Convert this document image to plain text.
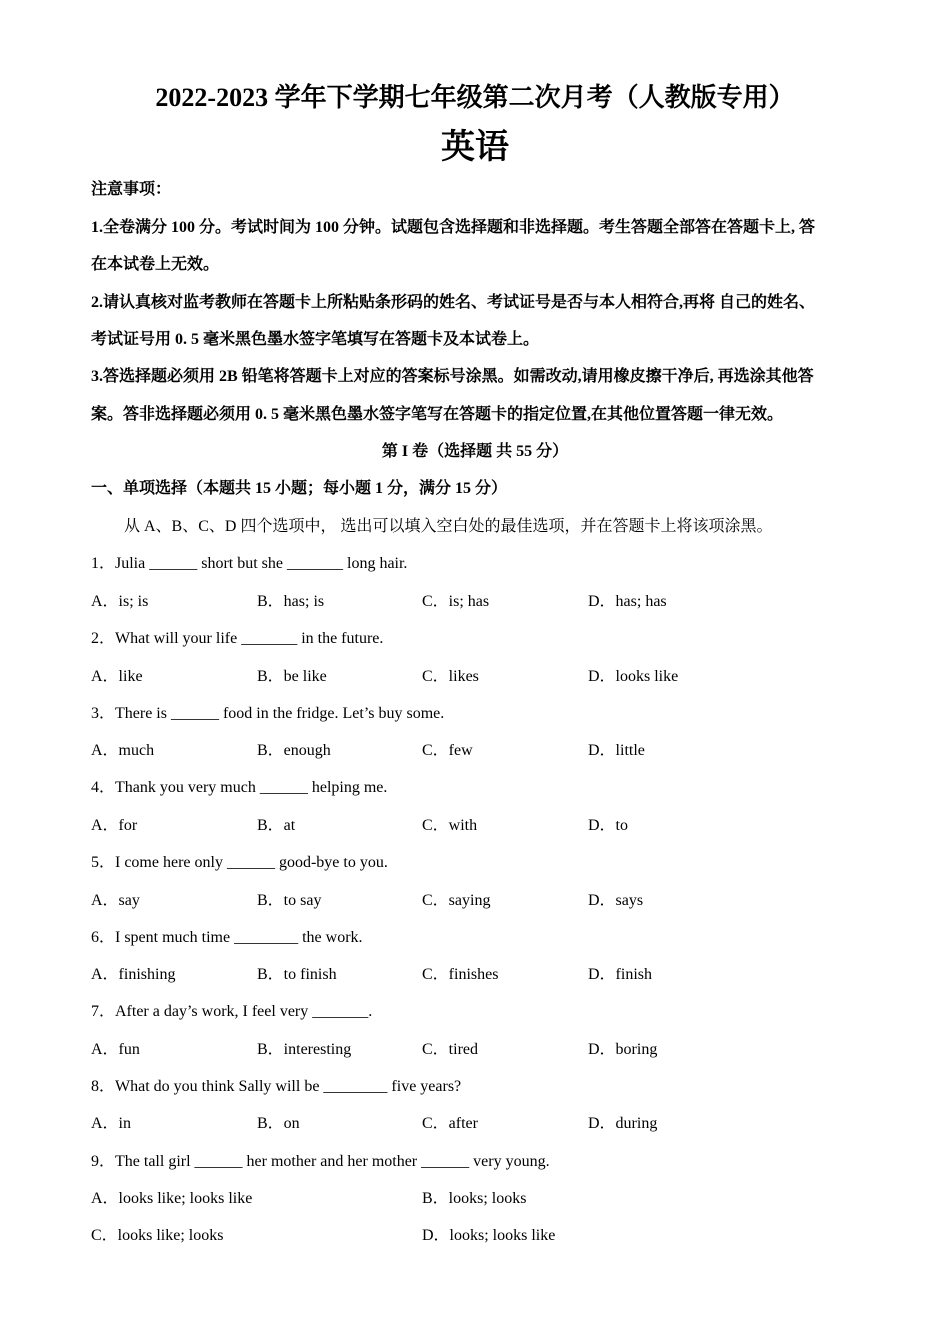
2022-2023 学年下学期七年级第二次月考（人教版专用）
英语
注意事项：
1.全卷满分 100 分。考试时间为 100 分钟。试题包含选择题和非选择题。考生答题全部答在答题卡上, 答
在本试卷上无效。
2.请认真核对监考教师在答题卡上所粘贴条形码的姓名、考试证号是否与本人相符合,再将 自己的姓名、
考试证号用 0. 5 毫米黑色墨水签字笔填写在答题卡及本试卷上。
3.答选择题必须用 2B 铅笔将答题卡上对应的答案标号涂黑。如需改动,请用橡皮擦干净后, 再选涂其他答
案。答非选择题必须用 0. 5 毫米黑色墨水签字笔写在答题卡的指定位置,在其他位置答题一律无效。
第 I 卷（选择题 共 55 分）
一、单项选择（本题共 15 小题；每小题 1 分，满分 15 分）
从 A、B、C、D 四个选项中， 选出可以填入空白处的最佳选项，并在答题卡上将该项涂黑。
1．Julia ______ short but she _______ long hair.
A．is; is	B．has; is	C．is; has	D．has; has
2．What will your life _______ in the future.
A．like	B．be like	C．likes	D．looks like
3．There is ______ food in the fridge. Let’s buy some.
A．much	B．enough	C．few	D．little
4．Thank you very much ______ helping me.
A．for	B．at	C．with	D．to
5．I come here only ______ good-bye to you.
A．say	B．to say	C．saying	D．says
6．I spent much time ________ the work.
A．finishing	B．to finish	C．finishes	D．finish
7．After a day’s work, I feel very _______.
A．fun	B．interesting	C．tired	D．boring
8．What do you think Sally will be ________ five years?
A．in	B．on	C．after	D．during
9．The tall girl ______ her mother and her mother ______ very young.
A．looks like; looks like	B．looks; looks
C．looks like; looks	D．looks; looks like
